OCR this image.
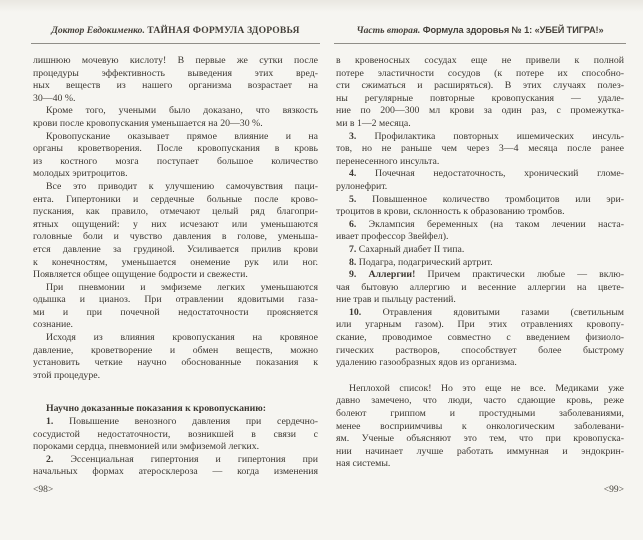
Доктор Евдокименко. ТАЙНАЯ ФОРМУЛА ЗДОРОВЬЯ
лишнюю мочевую кислоту! В первые же сутки после
процедуры эффективность выведения этих вред-
ных веществ из нашего организма возрастает на
30—40 %.
Кроме того, учеными было доказано, что вязкость
крови после кровопускания уменьшается на 20—30 %.
Кровопускание оказывает прямое влияние и на
органы кроветворения. После кровопускания в кровь
из костного мозга поступает большое количество
молодых эритроцитов.
Все это приводит к улучшению самочувствия паци-
ента. Гипертоники и сердечные больные после крово-
пускания, как правило, отмечают целый ряд благопри-
ятных ощущений: у них исчезают или уменьшаются
головные боли и чувство давления в голове, уменьша-
ется давление за грудиной. Усиливается прилив крови
к конечностям, уменьшается онемение рук или ног.
Появляется общее ощущение бодрости и свежести.
При пневмонии и эмфиземе легких уменьшаются
одышка и цианоз. При отравлении ядовитыми газа-
ми и при почечной недостаточности проясняется
сознание.
Исходя из влияния кровопускания на кровяное
давление, кроветворение и обмен веществ, можно
установить четкие научно обоснованные показания к
этой процедуре.
Научно доказанные показания к кровопусканию:
1. Повышение венозного давления при сердечно-
сосудистой недостаточности, возникшей в связи с
пороками сердца, пневмонией или эмфиземой легких.
2. Эссенциальная гипертония и гипертония при
начальных формах атеросклероза — когда изменения
<98>
Часть вторая. Формула здоровья № 1: «УБЕЙ ТИГРА!»
в кровеносных сосудах еще не привели к полной
потере эластичности сосудов (к потере их способно-
сти сжиматься и расширяться). В этих случаях полез-
ны регулярные повторные кровопускания — удале-
ние по 200—300 мл крови за один раз, с промежутка-
ми в 1—2 месяца.
3. Профилактика повторных ишемических инсуль-
тов, но не раньше чем через 3—4 месяца после ранее
перенесенного инсульта.
4. Почечная недостаточность, хронический гломе-
рулонефрит.
5. Повышенное количество тромбоцитов или эри-
троцитов в крови, склонность к образованию тромбов.
6. Эклампсия беременных (на таком лечении наста-
ивает профессор Звейфел).
7. Сахарный диабет II типа.
8. Подагра, подагрический артрит.
9. Аллергии! Причем практически любые — вклю-
чая бытовую аллергию и весенние аллергии на цвете-
ние трав и пыльцу растений.
10. Отравления ядовитыми газами (светильным
или угарным газом). При этих отравлениях кровопу-
скание, проводимое совместно с введением физиоло-
гических растворов, способствует более быстрому
удалению газообразных ядов из организма.
Неплохой список! Но это еще не все. Медиками уже
давно замечено, что люди, часто сдающие кровь, реже
болеют гриппом и простудными заболеваниями,
менее восприимчивы к онкологическим заболевани-
ям. Ученые объясняют это тем, что при кровопуска-
нии начинает лучше работать иммунная и эндокрин-
ная системы.
<99>
